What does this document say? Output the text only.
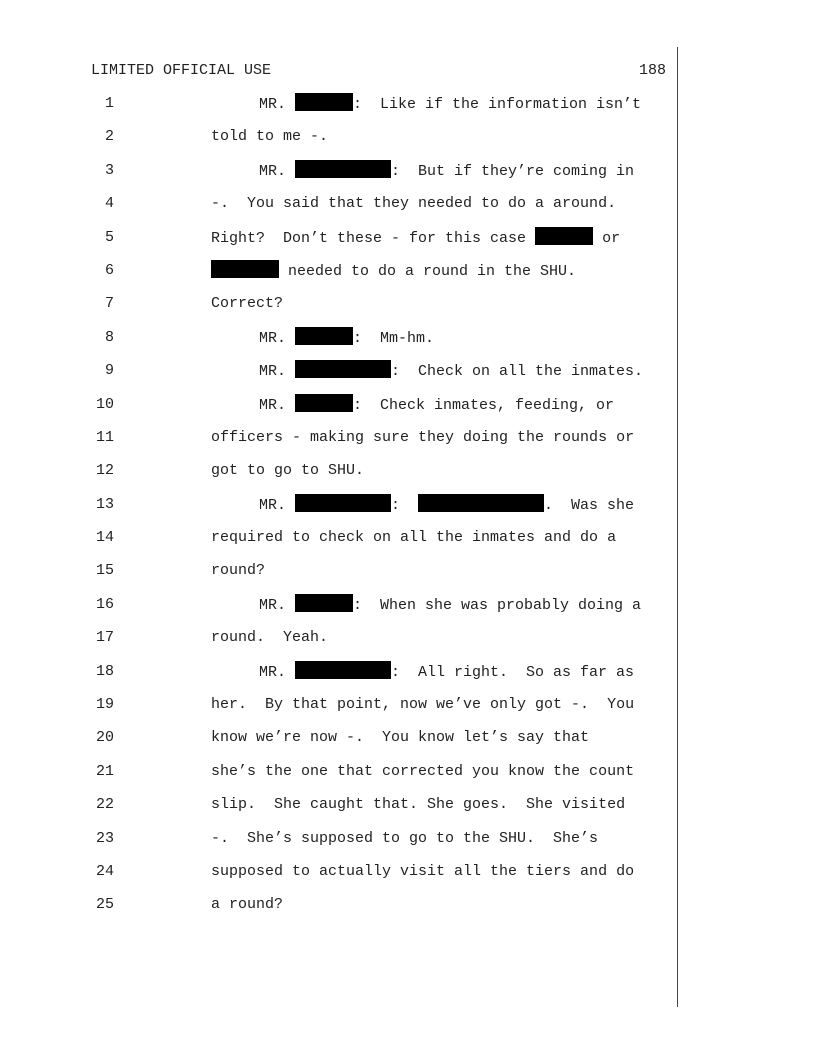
LIMITED OFFICIAL USE	188
1	MR.	:  Like if the information isn’t
2	told to me -.
3	MR.	:  But if they’re coming in
4	-.  You said that they needed to do a around.
5	Right?  Don’t these - for this case	or
6	needed to do a round in the SHU.
7	Correct?
8	MR.	:  Mm-hm.
9	MR.	:  Check on all the inmates.
10	MR.	:  Check inmates, feeding, or
11	officers - making sure they doing the rounds or
12	got to go to SHU.
13	MR.	:	.  Was she
14	required to check on all the inmates and do a
15	round?
16	MR.	:  When she was probably doing a
17	round.  Yeah.
18	MR.	:  All right.  So as far as
19	her.  By that point, now we’ve only got -.  You
20	know we’re now -.  You know let’s say that
21	she’s the one that corrected you know the count
22	slip.  She caught that. She goes.  She visited
23	-.  She’s supposed to go to the SHU.  She’s
24	supposed to actually visit all the tiers and do
25	a round?
